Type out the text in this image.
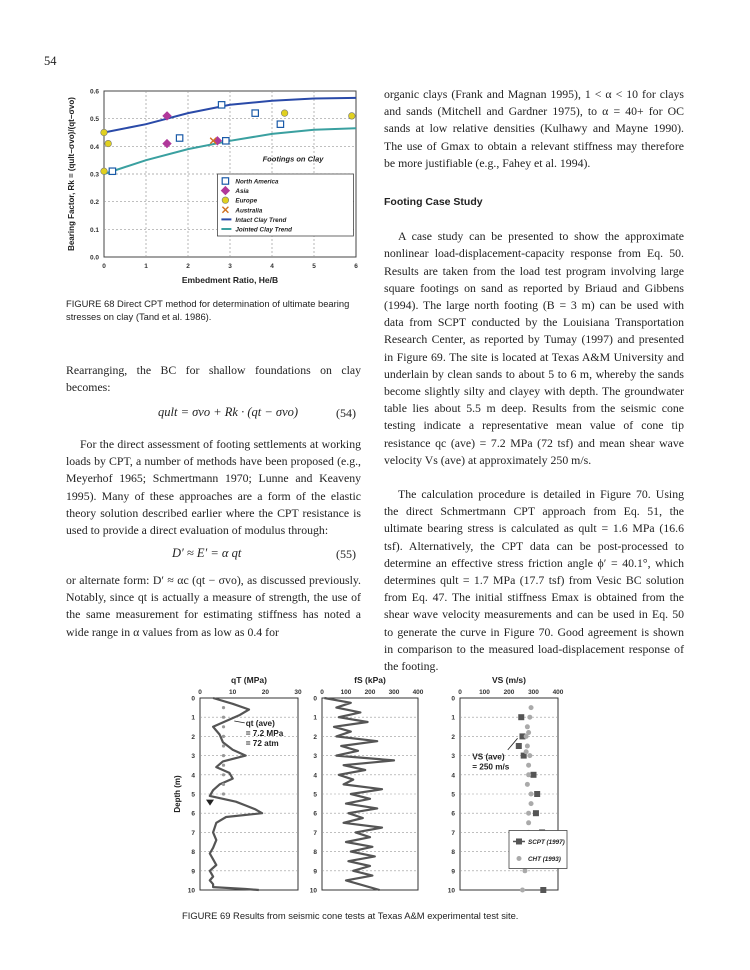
54
0.0
0.1
0.2
0.3
0.4
0.5
0.6
0	1	2	3	4	5	6
Embedment Ratio, He/B
Bearing Factor, Rk = (qult−σvo)/(qt−σvo)	Footings on Clay
North America
Asia
Europe
Australia
Intact Clay Trend
Jointed Clay Trend
FIGURE 68 Direct CPT method for determination of ultimate bearing stresses on clay (Tand et al. 1986).

Rearranging, the BC for shallow foundations on clay becomes:

qult = σvo + Rk · (qt − σvo)	(54)

For the direct assessment of footing settlements at working loads by CPT, a number of methods have been proposed (e.g., Meyerhof 1965; Schmertmann 1970; Lunne and Keaveny 1995). Many of these approaches are a form of the elastic theory solution described earlier where the CPT resistance is used to provide a direct evaluation of modulus through:

D′ ≈ E′ = α qt	(55)

or alternate form: D′ ≈ αc (qt − σvo), as discussed previously. Notably, since qt is actually a measure of strength, the use of the same measurement for estimating stiffness has noted a wide range in α values from as low as 0.4 for

organic clays (Frank and Magnan 1995), 1 < α < 10 for clays and sands (Mitchell and Gardner 1975), to α = 40+ for OC sands at low relative densities (Kulhawy and Mayne 1990). The use of Gmax to obtain a relevant stiffness may therefore be more justifiable (e.g., Fahey et al. 1994).

Footing Case Study

A case study can be presented to show the approximate nonlinear load-displacement-capacity response from Eq. 50. Results are taken from the load test program involving large square footings on sand as reported by Briaud and Gibbens (1994). The large north footing (B = 3 m) can be used with data from SCPT conducted by the Louisiana Transportation Research Center, as reported by Tumay (1997) and presented in Figure 69. The site is located at Texas A&M University and underlain by clean sands to about 5 to 6 m, whereby the sands become slightly silty and clayey with depth. The groundwater table lies about 5.5 m deep. Results from the seismic cone testing indicate a representative mean value of cone tip resistance qc (ave) = 7.2 MPa (72 tsf) and mean shear wave velocity Vs (ave) at approximately 250 m/s.

The calculation procedure is detailed in Figure 70. Using the direct Schmertmann CPT approach from Eq. 51, the ultimate bearing stress is calculated as qult = 1.6 MPa (16.6 tsf). Alternatively, the CPT data can be post-processed to determine an effective stress friction angle ϕ′ = 40.1°, which determines qult = 1.7 MPa (17.7 tsf) from Vesic BC solution from Eq. 47. The initial stiffness Emax is obtained from the shear wave velocity measurements and can be used in Eq. 50 to generate the curve in Figure 70. Good agreement is shown in comparison to the measured load-displacement response of the footing.

0
1
2
3
4
5
6
7
8
9
10
0	10	20	30
qT (MPa)
Depth (m)
qt (ave)
= 7.2 MPa
= 72 atm
0
1
2
3
4
5
6
7
8
9
10
0	100 200 300 400
fS (kPa)
0
1
2
3
4
5
6
7
8
9
10
0	100 200 300 400
VS (m/s)
SCPT (1997)
CHT (1993)
VS (ave)
= 250 m/s
FIGURE 69 Results from seismic cone tests at Texas A&M experimental test site.
